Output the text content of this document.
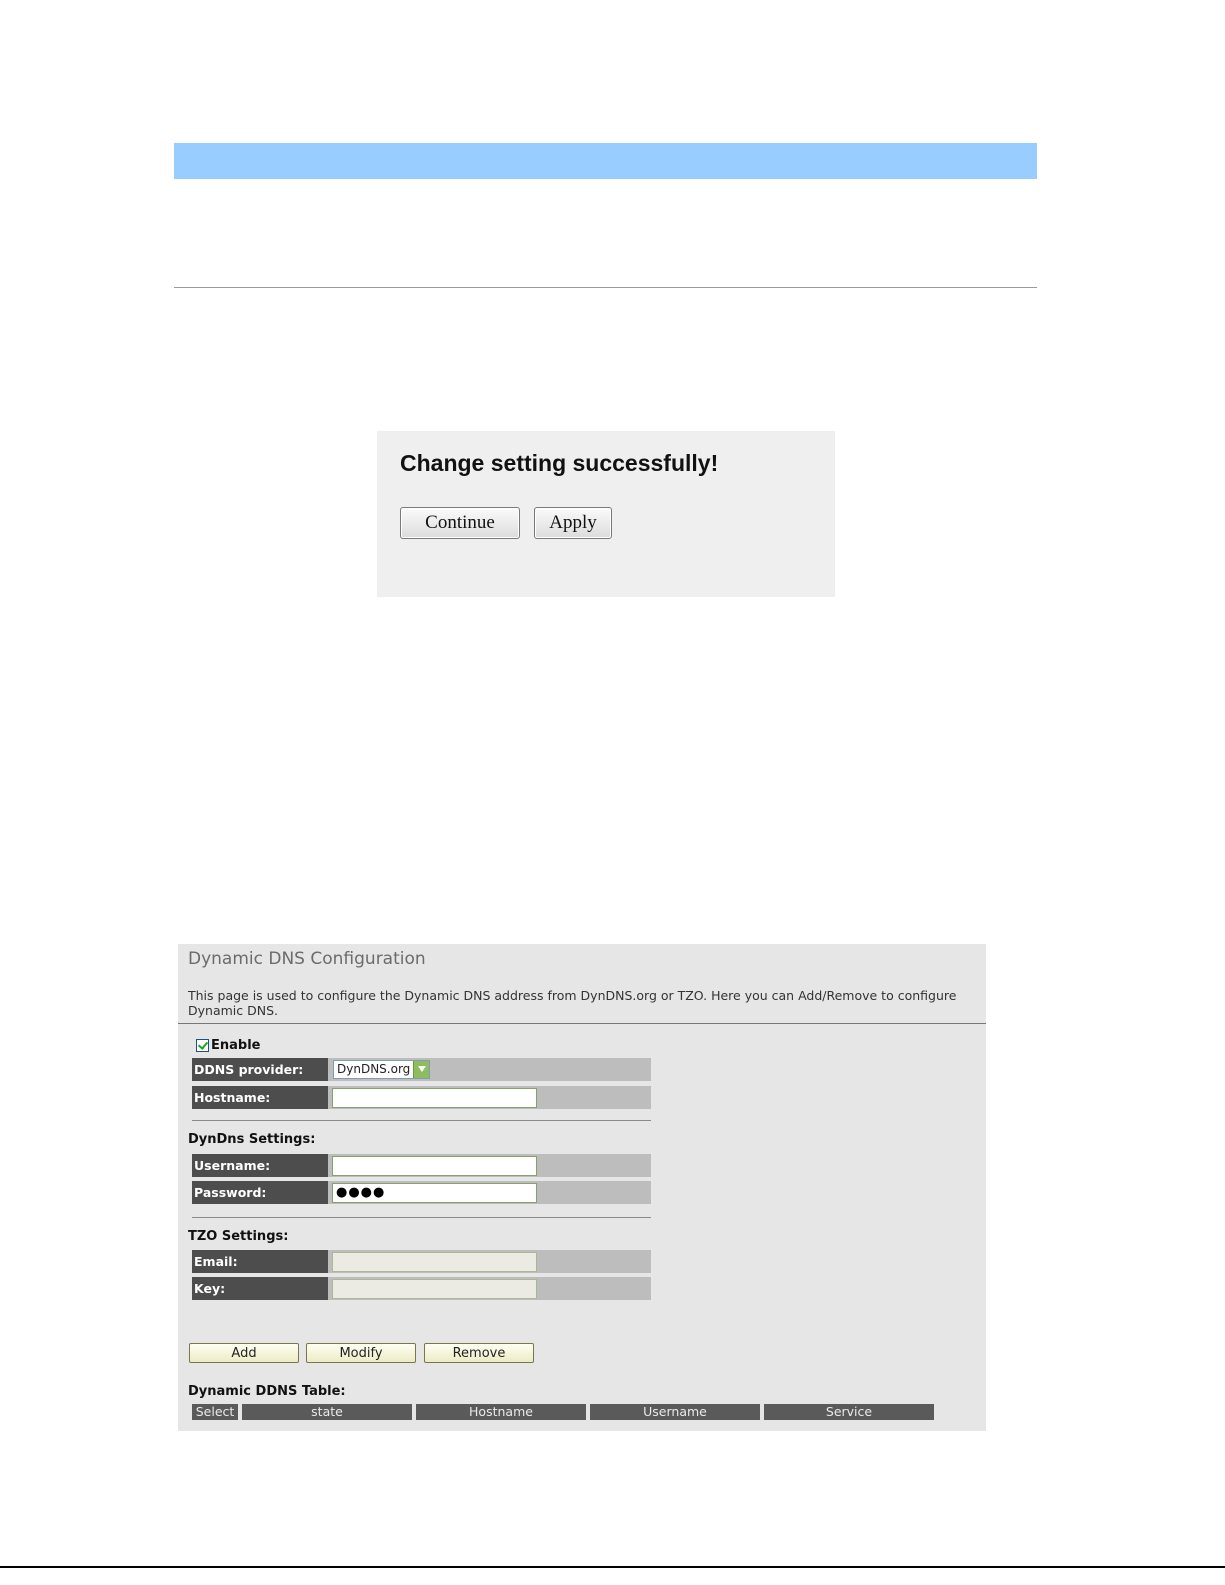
Change setting successfully!

Continue	Apply
Dynamic DNS Configuration

This page is used to configure the Dynamic DNS address from DynDNS.org or TZO. Here you can Add/Remove to configure Dynamic DNS.

Enable
DDNS provider:	DynDNS.org
Hostname:
DynDns Settings:
Username:
Password:	●●●●
TZO Settings:
Email:
Key:
Add	Modify	Remove
Dynamic DDNS Table:
Select	state	Hostname	Username	Service
